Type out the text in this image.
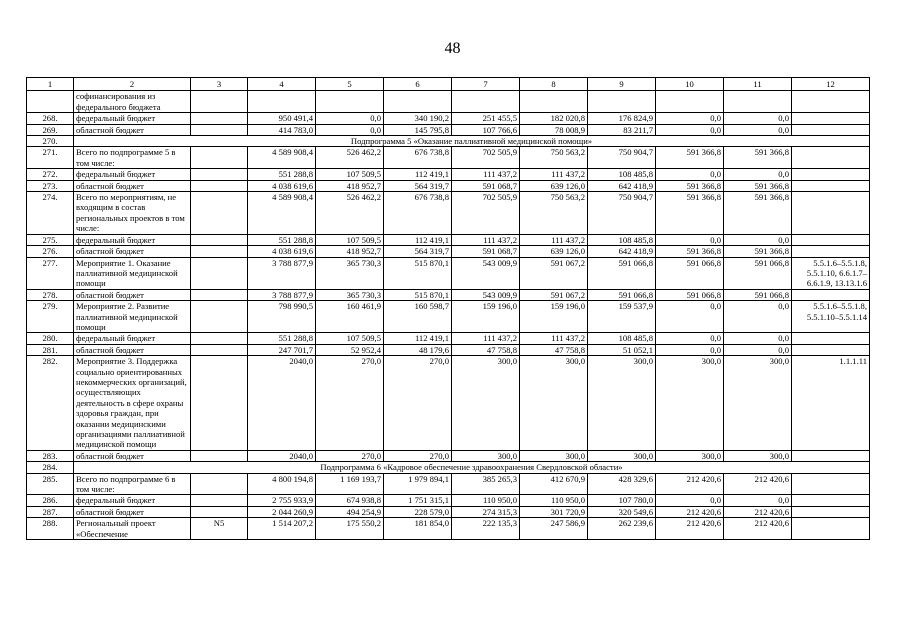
48
1	2	3	4	5	6	7	8	9	10	11	12
	софинансирования из федерального бюджета										
268.	федеральный бюджет		950 491,4	0,0	340 190,2	251 455,5	182 020,8	176 824,9	0,0	0,0	
269.	областной бюджет		414 783,0	0,0	145 795,8	107 766,6	78 008,9	83 211,7	0,0	0,0	
270.	Подпрограмма 5 «Оказание паллиативной медицинской помощи»										
271.	Всего по подпрограмме 5 в том числе:		4 589 908,4	526 462,2	676 738,8	702 505,9	750 563,2	750 904,7	591 366,8	591 366,8	
272.	федеральный бюджет		551 288,8	107 509,5	112 419,1	111 437,2	111 437,2	108 485,8	0,0	0,0	
273.	областной бюджет		4 038 619,6	418 952,7	564 319,7	591 068,7	639 126,0	642 418,9	591 366,8	591 366,8	
274.	Всего по мероприятиям, не входящим в состав региональных проектов в том числе:		4 589 908,4	526 462,2	676 738,8	702 505,9	750 563,2	750 904,7	591 366,8	591 366,8	
275.	федеральный бюджет		551 288,8	107 509,5	112 419,1	111 437,2	111 437,2	108 485,8	0,0	0,0	
276.	областной бюджет		4 038 619,6	418 952,7	564 319,7	591 068,7	639 126,0	642 418,9	591 366,8	591 366,8	
277.	Мероприятие 1. Оказание паллиативной медицинской помощи		3 788 877,9	365 730,3	515 870,1	543 009,9	591 067,2	591 066,8	591 066,8	591 066,8	5.5.1.6–5.5.1.8, 5.5.1.10, 6.6.1.7–6.6.1.9, 13.13.1.6
278.	областной бюджет		3 788 877,9	365 730,3	515 870,1	543 009,9	591 067,2	591 066,8	591 066,8	591 066,8	
279.	Мероприятие 2. Развитие паллиативной медицинской помощи		798 990,5	160 461,9	160 598,7	159 196,0	159 196,0	159 537,9	0,0	0,0	5.5.1.6–5.5.1.8, 5.5.1.10–5.5.1.14
280.	федеральный бюджет		551 288,8	107 509,5	112 419,1	111 437,2	111 437,2	108 485,8	0,0	0,0	
281.	областной бюджет		247 701,7	52 952,4	48 179,6	47 758,8	47 758,8	51 052,1	0,0	0,0	
282.	Мероприятие 3. Поддержка социально ориентированных некоммерческих организаций, осуществляющих деятельность в сфере охраны здоровья граждан, при оказании медицинскими организациями паллиативной медицинской помощи		2040,0	270,0	270,0	300,0	300,0	300,0	300,0	300,0	1.1.1.11
283.	областной бюджет		2040,0	270,0	270,0	300,0	300,0	300,0	300,0	300,0	
284.	Подпрограмма 6 «Кадровое обеспечение здравоохранения Свердловской области»										
285.	Всего по подпрограмме 6 в том числе:		4 800 194,8	1 169 193,7	1 979 894,1	385 265,3	412 670,9	428 329,6	212 420,6	212 420,6	
286.	федеральный бюджет		2 755 933,9	674 938,8	1 751 315,1	110 950,0	110 950,0	107 780,0	0,0	0,0	
287.	областной бюджет		2 044 260,9	494 254,9	228 579,0	274 315,3	301 720,9	320 549,6	212 420,6	212 420,6	
288.	Региональный проект «Обеспечение	N5	1 514 207,2	175 550,2	181 854,0	222 135,3	247 586,9	262 239,6	212 420,6	212 420,6	
